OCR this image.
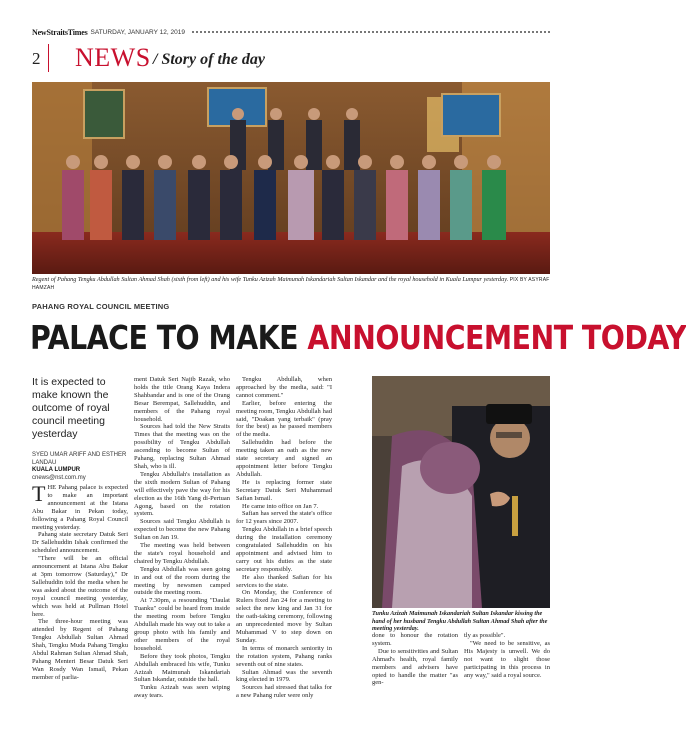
NewStraitsTimes SATURDAY, JANUARY 12, 2019
2 NEWS / Story of the day
Regent of Pahang Tengku Abdullah Sultan Ahmad Shah (sixth from left) and his wife Tunku Azizah Maimunah Iskandariah Sultan Iskandar and the royal household in Kuala Lumpur yesterday. PIX BY ASYRAF HAMZAH
PAHANG ROYAL COUNCIL MEETING
PALACE TO MAKE ANNOUNCEMENT TODAY
It is expected to make known the outcome of royal council meeting yesterday
SYED UMAR ARIFF AND ESTHER LANDAU
KUALA LUMPUR
cnews@nst.com.my

THE Pahang palace is expected to make an important announcement at the Istana Abu Bakar in Pekan today, following a Pahang Royal Council meeting yesterday.

Pahang state secretary Datuk Seri Dr Sallehuddin Ishak confirmed the scheduled announcement.

"There will be an official announcement at Istana Abu Bakar at 3pm tomorrow (Saturday)," Dr Sallehuddin told the media when he was asked about the outcome of the royal council meeting yesterday, which was held at Pullman Hotel here.

The three-hour meeting was attended by Regent of Pahang Tengku Abdullah Sultan Ahmad Shah, Tengku Muda Pahang Tengku Abdul Rahman Sultan Ahmad Shah, Pahang Menteri Besar Datuk Seri Wan Rosdy Wan Ismail, Pekan member of parlia-

ment Datuk Seri Najib Razak, who holds the title Orang Kaya Indera Shahbandar and is one of the Orang Besar Berempat, Sallehuddin, and members of the Pahang royal household.

Sources had told the New Straits Times that the meeting was on the possibility of Tengku Abdullah ascending to become Sultan of Pahang, replacing Sultan Ahmad Shah, who is ill.

Tengku Abdullah's installation as the sixth modern Sultan of Pahang will effectively pave the way for his election as the 16th Yang di-Pertuan Agong, based on the rotation system.

Sources said Tengku Abdullah is expected to become the new Pahang Sultan on Jan 19.

The meeting was held between the state's royal household and chaired by Tengku Abdullah.

Tengku Abdullah was seen going in and out of the room during the meeting by newsmen camped outside the meeting room.

At 7.30pm, a resounding "Daulat Tuanku" could be heard from inside the meeting room before Tengku Abdullah made his way out to take a group photo with his family and other members of the royal household.

Before they took photos, Tengku Abdullah embraced his wife, Tunku Azizah Maimunah Iskandariah Sultan Iskandar, outside the hall.

Tunku Azizah was seen wiping away tears.

Tengku Abdullah, when approached by the media, said: "I cannot comment."

Earlier, before entering the meeting room, Tengku Abdullah had said, "Doakan yang terbaik" (pray for the best) as he passed members of the media.

Sallehuddin had before the meeting taken an oath as the new state secretary and signed an appointment letter before Tengku Abdullah.

He is replacing former state Secretary Datuk Seri Muhammad Safian Ismail.

He came into office on Jan 7.

Safian has served the state's office for 12 years since 2007.

Tengku Abdullah in a brief speech during the installation ceremony congratulated Sallehuddin on his appointment and advised him to carry out his duties as the state secretary responsibly.

He also thanked Safian for his services to the state.

On Monday, the Conference of Rulers fixed Jan 24 for a meeting to select the new king and Jan 31 for the oath-taking ceremony, following an unprecedented move by Sultan Muhammad V to step down on Sunday.

In terms of monarch seniority in the rotation system, Pahang ranks seventh out of nine states.

Sultan Ahmad was the seventh king elected in 1979.

Sources had stressed that talks for a new Pahang ruler were only

Tunku Azizah Maimunah Iskandariah Sultan Iskandar kissing the hand of her husband Tengku Abdullah Sultan Ahmad Shah after the meeting yesterday.

done to honour the rotation system.

Due to sensitivities and Sultan Ahmad's health, royal family members and advisers have opted to handle the matter "as gen-

tly as possible".

"We need to be sensitive, as His Majesty is unwell. We do not want to slight those participating in this process in any way," said a royal source.
